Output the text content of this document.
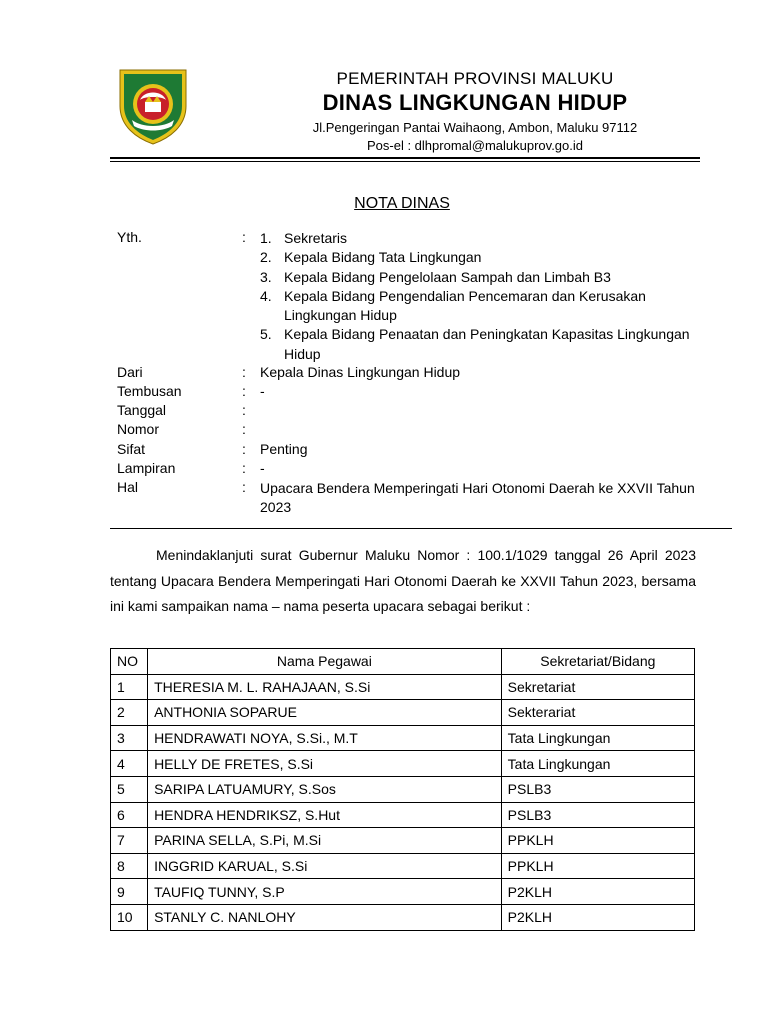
PEMERINTAH PROVINSI MALUKU
DINAS LINGKUNGAN HIDUP
Jl.Pengeringan Pantai Waihaong, Ambon, Maluku 97112
Pos-el : dlhpromal@malukuprov.go.id
NOTA DINAS
Yth.	: 1. Sekretaris
2. Kepala Bidang Tata Lingkungan
3. Kepala Bidang Pengelolaan Sampah dan Limbah B3
4. Kepala Bidang Pengendalian Pencemaran dan Kerusakan Lingkungan Hidup
5. Kepala Bidang Penaatan dan Peningkatan Kapasitas Lingkungan Hidup
Dari	: Kepala Dinas Lingkungan Hidup
Tembusan	: -
Tanggal	:
Nomor	:
Sifat	: Penting
Lampiran	: -
Hal	: Upacara Bendera Memperingati Hari Otonomi Daerah ke XXVII Tahun 2023

Menindaklanjuti surat Gubernur Maluku Nomor : 100.1/1029 tanggal 26 April 2023 tentang Upacara Bendera Memperingati Hari Otonomi Daerah ke XXVII Tahun 2023, bersama ini kami sampaikan nama – nama peserta upacara sebagai berikut :

NO	Nama Pegawai	Sekretariat/Bidang
1	THERESIA M. L. RAHAJAAN, S.Si	Sekretariat
2	ANTHONIA SOPARUE	Sekterariat
3	HENDRAWATI NOYA, S.Si., M.T	Tata Lingkungan
4	HELLY DE FRETES, S.Si	Tata Lingkungan
5	SARIPA LATUAMURY, S.Sos	PSLB3
6	HENDRA HENDRIKSZ, S.Hut	PSLB3
7	PARINA SELLA, S.Pi, M.Si	PPKLH
8	INGGRID KARUAL, S.Si	PPKLH
9	TAUFIQ TUNNY, S.P	P2KLH
10	STANLY C. NANLOHY	P2KLH
